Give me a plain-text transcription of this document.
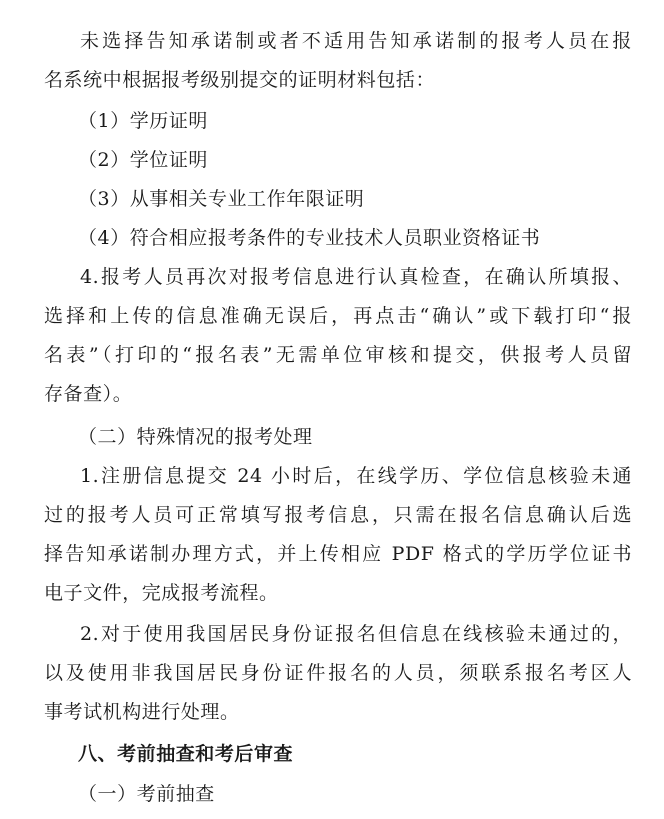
未选择告知承诺制或者不适用告知承诺制的报考人员在报
名系统中根据报考级别提交的证明材料包括：
（1）学历证明
（2）学位证明
（3）从事相关专业工作年限证明
（4）符合相应报考条件的专业技术人员职业资格证书
4.报考人员再次对报考信息进行认真检查，在确认所填报、
选择和上传的信息准确无误后，再点击“确认”或下载打印“报
名表”（打印的“报名表”无需单位审核和提交，供报考人员留
存备查）。
（二）特殊情况的报考处理
1.注册信息提交 24 小时后，在线学历、学位信息核验未通
过的报考人员可正常填写报考信息，只需在报名信息确认后选
择告知承诺制办理方式，并上传相应 PDF 格式的学历学位证书
电子文件，完成报考流程。
2.对于使用我国居民身份证报名但信息在线核验未通过的，
以及使用非我国居民身份证件报名的人员，须联系报名考区人
事考试机构进行处理。
八、考前抽查和考后审查
（一）考前抽查
